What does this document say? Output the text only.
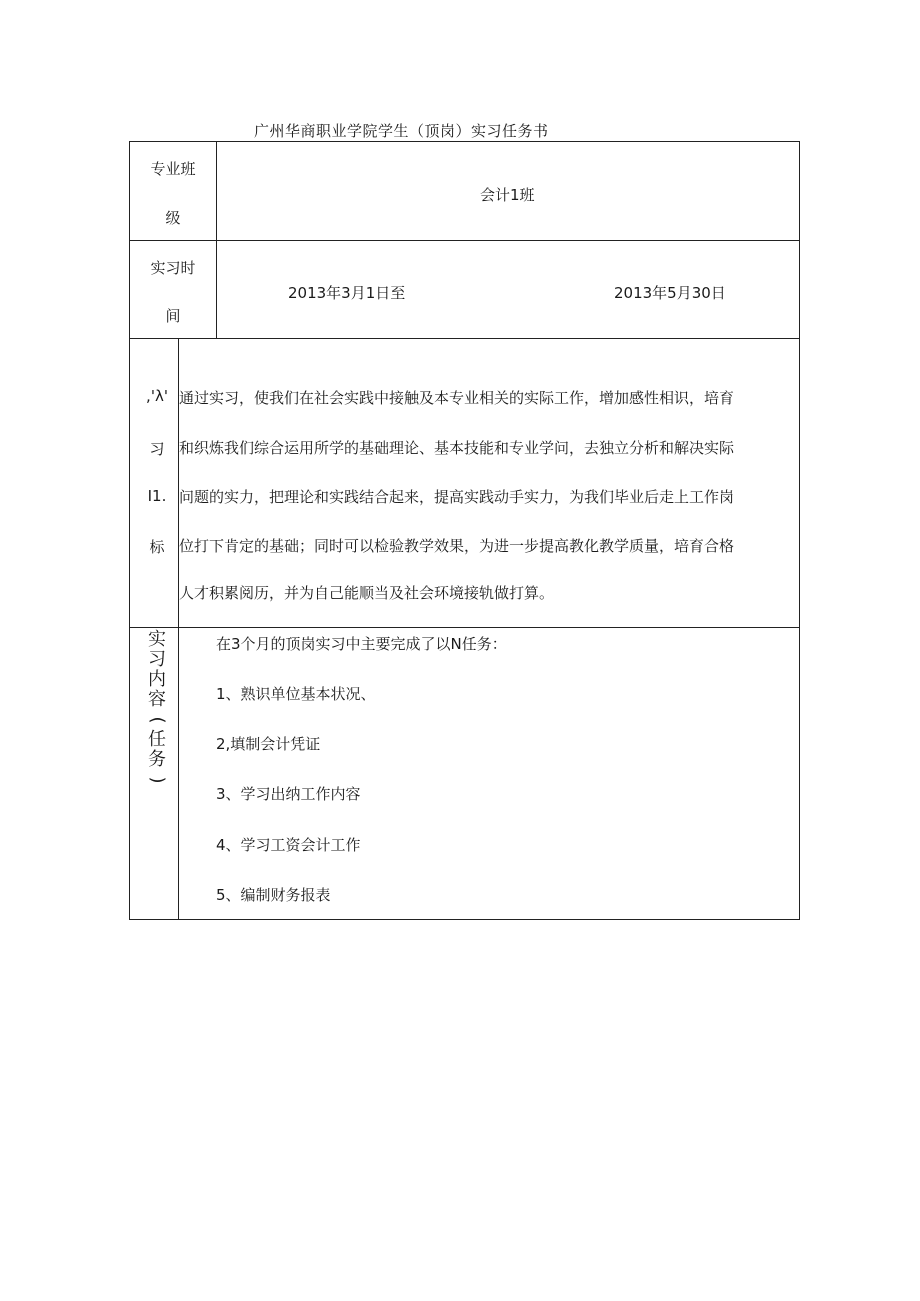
广州华商职业学院学生（顶岗）实习任务书
专业班
级
会计1班
实习时
间
2013年3月1日至	2013年5月30日
,'λ'
习
I1.
标
通过实习，使我们在社会实践中接触及本专业相关的实际工作，增加感性相识，培育
和织炼我们综合运用所学的基础理论、基本技能和专业学问，去独立分析和解决实际
问题的实力，把理论和实践结合起来，提高实践动手实力，为我们毕业后走上工作岗
位打下肯定的基础；同时可以检验教学效果，为进一步提高教化教学质量，培育合格
人才积累阅历，并为自己能顺当及社会环境接轨做打算。
实
习
内
容
(
任
务
)
在3个月的顶岗实习中主要完成了以N任务：
1、熟识单位基本状况、
2,填制会计凭证
3、学习出纳工作内容
4、学习工资会计工作
5、编制财务报表
